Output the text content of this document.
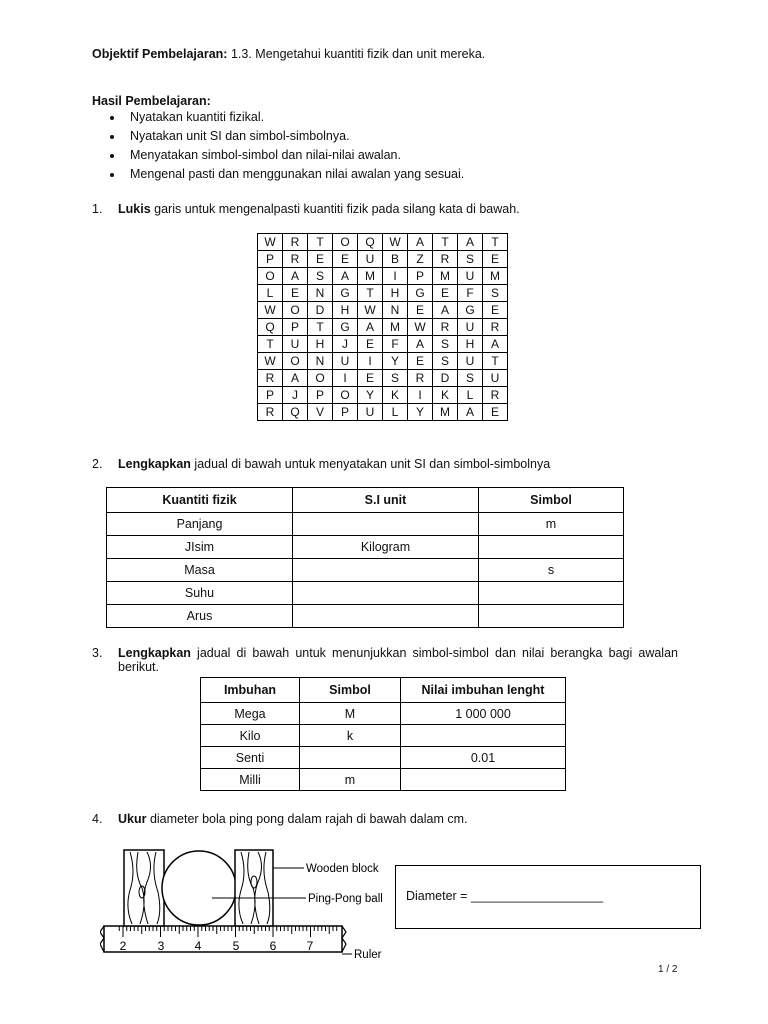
Objektif Pembelajaran: 1.3. Mengetahui kuantiti fizik dan unit mereka.
Hasil Pembelajaran:
• Nyatakan kuantiti fizikal.
• Nyatakan unit SI dan simbol-simbolnya.
• Menyatakan simbol-simbol dan nilai-nilai awalan.
• Mengenal pasti dan menggunakan nilai awalan yang sesuai.
1. Lukis garis untuk mengenalpasti kuantiti fizik pada silang kata di bawah.
W	R	T	O	Q	W	A	T	A	T
P	R	E	E	U	B	Z	R	S	E
O	A	S	A	M	I	P	M	U	M
L	E	N	G	T	H	G	E	F	S
W	O	D	H	W	N	E	A	G	E
Q	P	T	G	A	M	W	R	U	R
T	U	H	J	E	F	A	S	H	A
W	O	N	U	I	Y	E	S	U	T
R	A	O	I	E	S	R	D	S	U
P	J	P	O	Y	K	I	K	L	R
R	Q	V	P	U	L	Y	M	A	E
2. Lengkapkan jadual di bawah untuk menyatakan unit SI dan simbol-simbolnya
Kuantiti fizik	S.I unit	Simbol
Panjang		m
JIsim	Kilogram	
Masa		s
Suhu		
Arus		
3. Lengkapkan jadual di bawah untuk menunjukkan simbol-simbol dan nilai berangka bagi awalan berikut.
Imbuhan	Simbol	Nilai imbuhan lenght
Mega	M	1 000 000
Kilo	k	
Senti		0.01
Milli	m	
4. Ukur diameter bola ping pong dalam rajah di bawah dalam cm.
2	3	4	5	6	7
Wooden block
Ping-Pong ball
Ruler
Diameter = ___________________
1 / 2
